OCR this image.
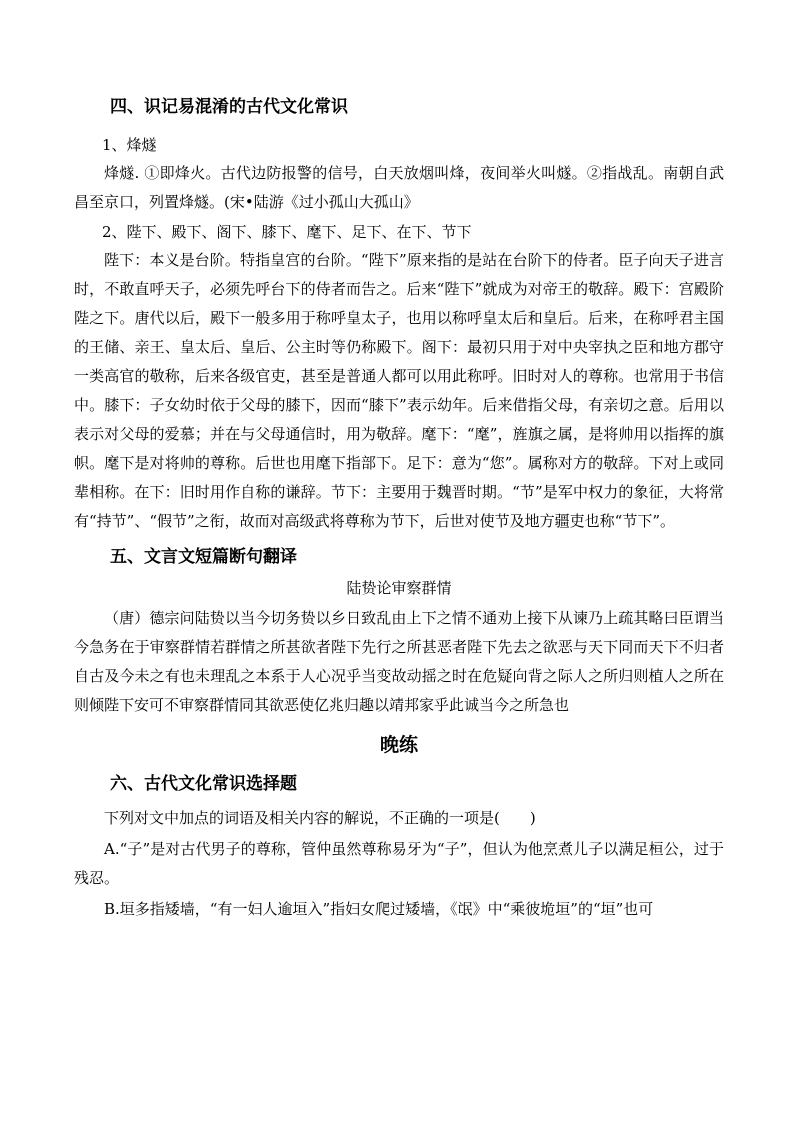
四、识记易混淆的古代文化常识

1、烽燧

烽燧. ①即烽火。古代边防报警的信号，白天放烟叫烽，夜间举火叫燧。②指战乱。南朝自武昌至京口，列置烽燧。(宋•陆游《过小孤山大孤山》

2、陛下、殿下、阁下、膝下、麾下、足下、在下、节下

陛下：本义是台阶。特指皇宫的台阶。“陛下”原来指的是站在台阶下的侍者。臣子向天子进言时，不敢直呼天子，必须先呼台下的侍者而告之。后来“陛下”就成为对帝王的敬辞。殿下：宫殿阶陛之下。唐代以后，殿下一般多用于称呼皇太子，也用以称呼皇太后和皇后。后来，在称呼君主国的王储、亲王、皇太后、皇后、公主时等仍称殿下。阁下：最初只用于对中央宰执之臣和地方郡守一类高官的敬称，后来各级官吏，甚至是普通人都可以用此称呼。旧时对人的尊称。也常用于书信中。膝下：子女幼时依于父母的膝下，因而“膝下”表示幼年。后来借指父母，有亲切之意。后用以表示对父母的爱慕；并在与父母通信时，用为敬辞。麾下：“麾”，旌旗之属，是将帅用以指挥的旗帜。麾下是对将帅的尊称。后世也用麾下指部下。足下：意为“您”。属称对方的敬辞。下对上或同辈相称。在下：旧时用作自称的谦辞。节下：主要用于魏晋时期。“节”是军中权力的象征，大将常有“持节”、“假节”之衔，故而对高级武将尊称为节下，后世对使节及地方疆吏也称“节下”。

五、文言文短篇断句翻译

陆贽论审察群情

（唐）德宗问陆贽以当今切务贽以乡日致乱由上下之情不通劝上接下从谏乃上疏其略曰臣谓当今急务在于审察群情若群情之所甚欲者陛下先行之所甚恶者陛下先去之欲恶与天下同而天下不归者自古及今未之有也未理乱之本系于人心况乎当变故动摇之时在危疑向背之际人之所归则植人之所在则倾陛下安可不审察群情同其欲恶使亿兆归趣以靖邦家乎此诚当今之所急也

晚练

六、古代文化常识选择题

下列对文中加点的词语及相关内容的解说，不正确的一项是(　　)

A.“子”是对古代男子的尊称，管仲虽然尊称易牙为“子”，但认为他烹煮儿子以满足桓公，过于残忍。

B.垣多指矮墙，“有一妇人逾垣入”指妇女爬过矮墙，《氓》中“乘彼垝垣”的“垣”也可
